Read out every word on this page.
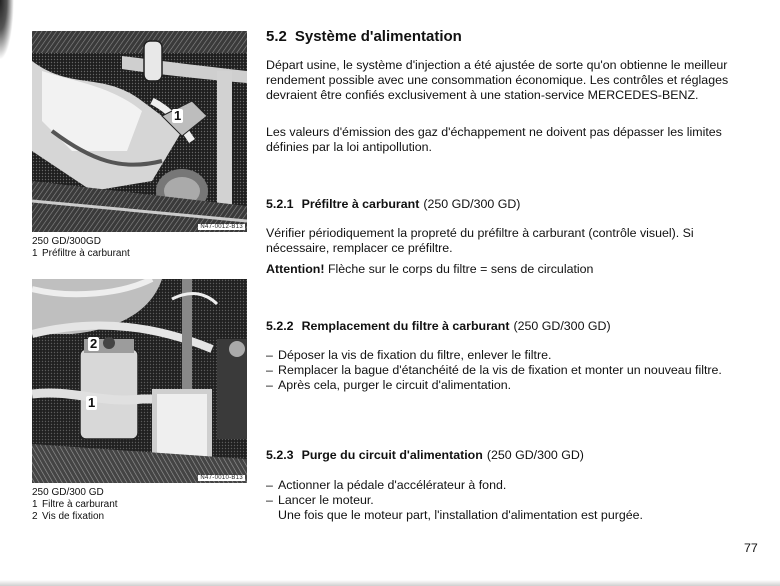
1
N47-0012-B13
250 GD/300GD
1 Préfiltre à carburant
2
1
N47-0010-B13
250 GD/300 GD
1 Filtre à carburant
2 Vis de fixation
5.2 Système d'alimentation
Départ usine, le système d'injection a été ajustée de sorte qu'on obtienne le meilleur rendement possible avec une consommation économique. Les contrôles et réglages devraient être confiés exclusivement à une station-service MERCEDES-BENZ.
Les valeurs d'émission des gaz d'échappement ne doivent pas dépasser les limites définies par la loi antipollution.
5.2.1 Préfiltre à carburant (250 GD/300 GD)
Vérifier périodiquement la propreté du préfiltre à carburant (contrôle visuel). Si nécessaire, remplacer ce préfiltre.
Attention! Flèche sur le corps du filtre = sens de circulation
5.2.2 Remplacement du filtre à carburant (250 GD/300 GD)
– Déposer la vis de fixation du filtre, enlever le filtre.
– Remplacer la bague d'étanchéité de la vis de fixation et monter un nouveau filtre.
– Après cela, purger le circuit d'alimentation.
5.2.3 Purge du circuit d'alimentation (250 GD/300 GD)
– Actionner la pédale d'accélérateur à fond.
– Lancer le moteur.
Une fois que le moteur part, l'installation d'alimentation est purgée.
77
